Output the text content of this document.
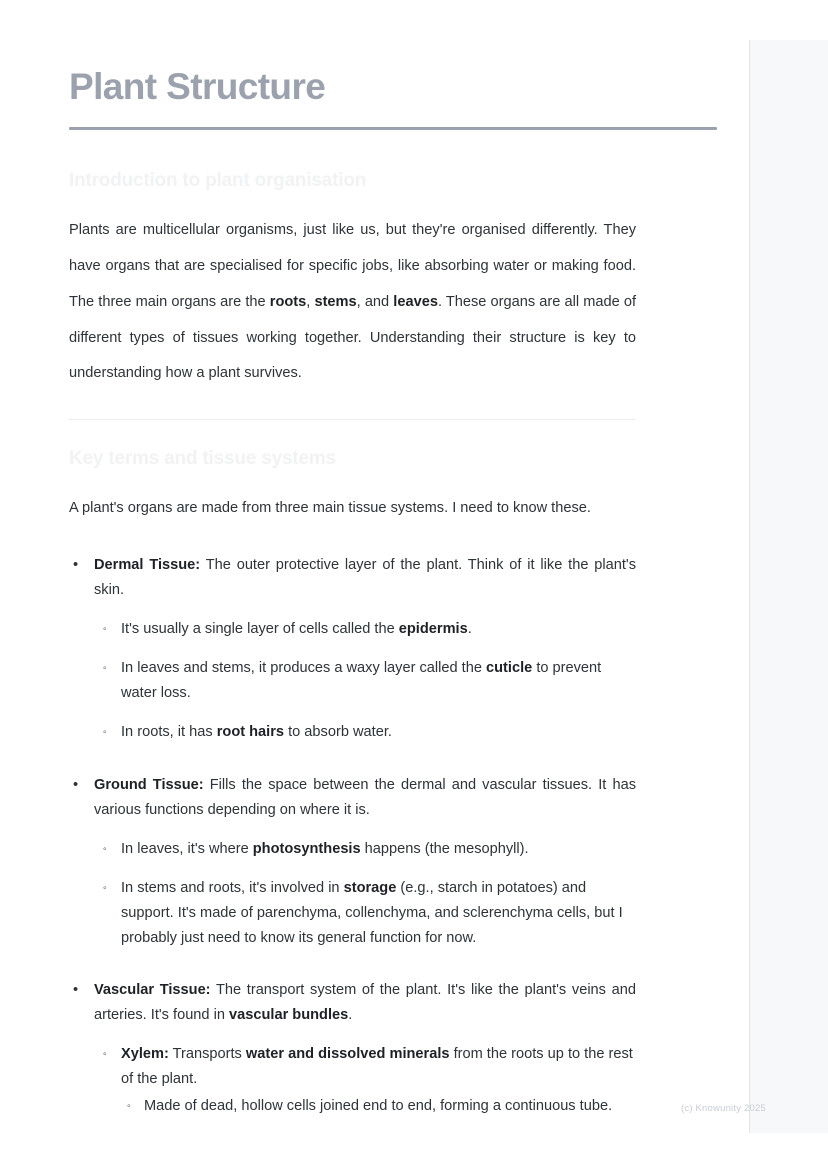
Plant Structure
Introduction to plant organisation

Plants are multicellular organisms, just like us, but they're organised differently. They have organs that are specialised for specific jobs, like absorbing water or making food. The three main organs are the roots, stems, and leaves. These organs are all made of different types of tissues working together. Understanding their structure is key to understanding how a plant survives.

Key terms and tissue systems

A plant's organs are made from three main tissue systems. I need to know these.

• Dermal Tissue: The outer protective layer of the plant. Think of it like the plant's skin.
◦ It's usually a single layer of cells called the epidermis.
◦ In leaves and stems, it produces a waxy layer called the cuticle to prevent water loss.
◦ In roots, it has root hairs to absorb water.
• Ground Tissue: Fills the space between the dermal and vascular tissues. It has various functions depending on where it is.
◦ In leaves, it's where photosynthesis happens (the mesophyll).
◦ In stems and roots, it's involved in storage (e.g., starch in potatoes) and support. It's made of parenchyma, collenchyma, and sclerenchyma cells, but I probably just need to know its general function for now.
• Vascular Tissue: The transport system of the plant. It's like the plant's veins and arteries. It's found in vascular bundles.
◦ Xylem: Transports water and dissolved minerals from the roots up to the rest of the plant.
◦ Made of dead, hollow cells joined end to end, forming a continuous tube.	(c) Knowunity 2025
